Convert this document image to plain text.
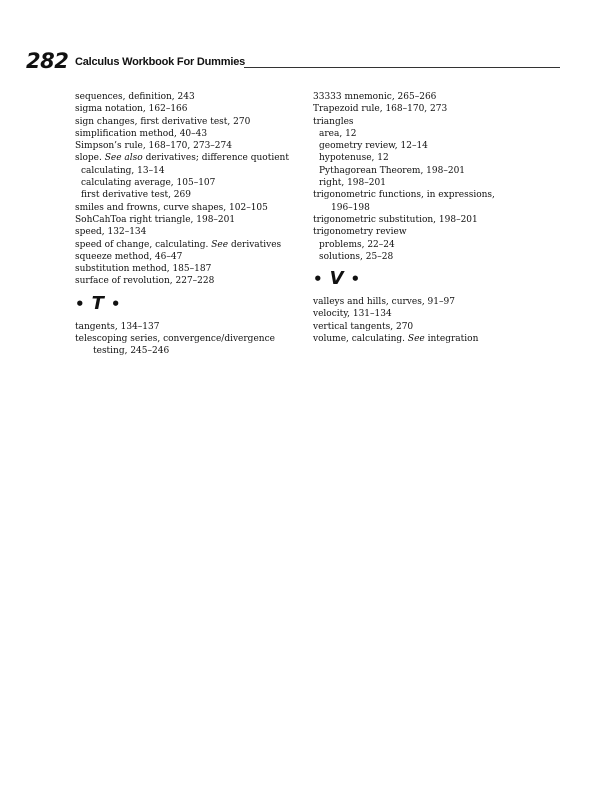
282 Calculus Workbook For Dummies
sequences, definition, 243
sigma notation, 162–166
sign changes, first derivative test, 270
simplification method, 40–43
Simpson’s rule, 168–170, 273–274
slope. See also derivatives; difference quotient
calculating, 13–14
calculating average, 105–107
first derivative test, 269
smiles and frowns, curve shapes, 102–105
SohCahToa right triangle, 198–201
speed, 132–134
speed of change, calculating. See derivatives
squeeze method, 46–47
substitution method, 185–187
surface of revolution, 227–228
• T •
tangents, 134–137
telescoping series, convergence/divergence
testing, 245–246
33333 mnemonic, 265–266
Trapezoid rule, 168–170, 273
triangles
area, 12
geometry review, 12–14
hypotenuse, 12
Pythagorean Theorem, 198–201
right, 198–201
trigonometric functions, in expressions,
196–198
trigonometric substitution, 198–201
trigonometry review
problems, 22–24
solutions, 25–28
• V •
valleys and hills, curves, 91–97
velocity, 131–134
vertical tangents, 270
volume, calculating. See integration
